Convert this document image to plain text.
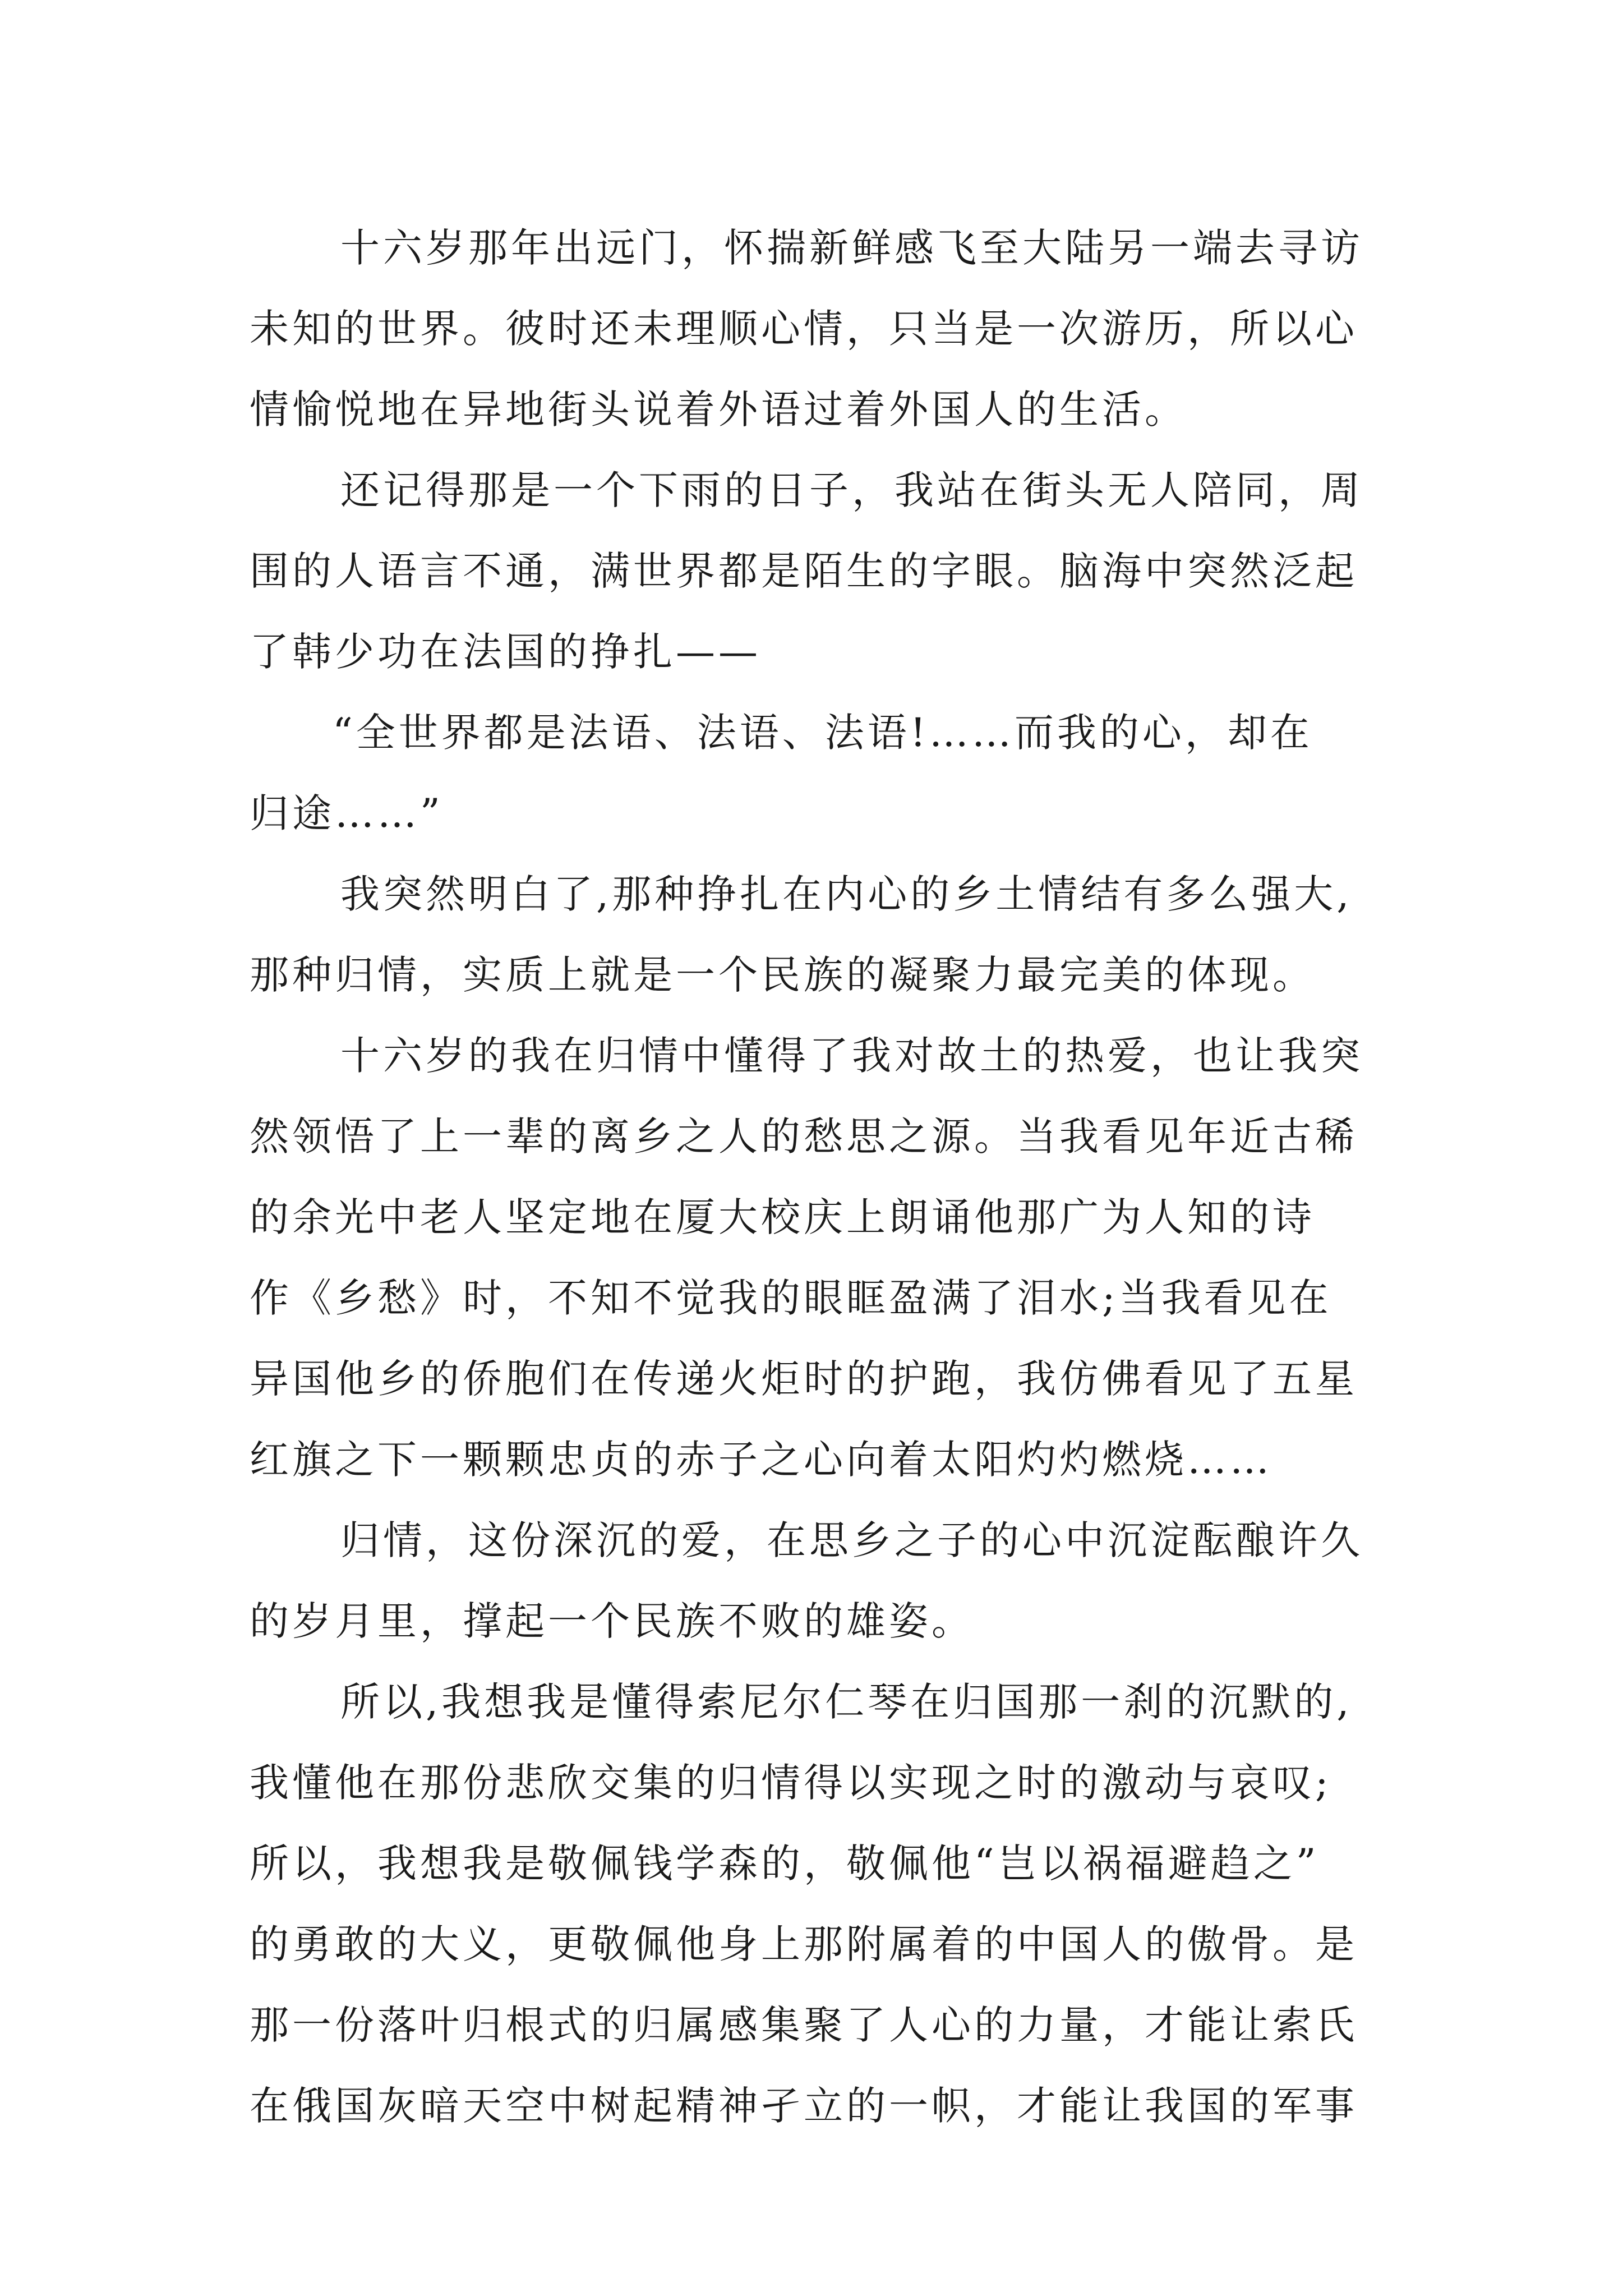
十六岁那年出远门，怀揣新鲜感飞至大陆另一端去寻访
未知的世界。彼时还未理顺心情，只当是一次游历，所以心
情愉悦地在异地街头说着外语过着外国人的生活。
还记得那是一个下雨的日子，我站在街头无人陪同，周
围的人语言不通，满世界都是陌生的字眼。脑海中突然泛起
了韩少功在法国的挣扎——
“全世界都是法语、法语、法语!……而我的心，却在
归途……”
我突然明白了,那种挣扎在内心的乡土情结有多么强大,
那种归情，实质上就是一个民族的凝聚力最完美的体现。
十六岁的我在归情中懂得了我对故土的热爱，也让我突
然领悟了上一辈的离乡之人的愁思之源。当我看见年近古稀
的余光中老人坚定地在厦大校庆上朗诵他那广为人知的诗
作《乡愁》时，不知不觉我的眼眶盈满了泪水;当我看见在
异国他乡的侨胞们在传递火炬时的护跑，我仿佛看见了五星
红旗之下一颗颗忠贞的赤子之心向着太阳灼灼燃烧……
归情，这份深沉的爱，在思乡之子的心中沉淀酝酿许久
的岁月里，撑起一个民族不败的雄姿。
所以,我想我是懂得索尼尔仁琴在归国那一刹的沉默的,
我懂他在那份悲欣交集的归情得以实现之时的激动与哀叹;
所以，我想我是敬佩钱学森的，敬佩他“岂以祸福避趋之”
的勇敢的大义，更敬佩他身上那附属着的中国人的傲骨。是
那一份落叶归根式的归属感集聚了人心的力量，才能让索氏
在俄国灰暗天空中树起精神孑立的一帜，才能让我国的军事
